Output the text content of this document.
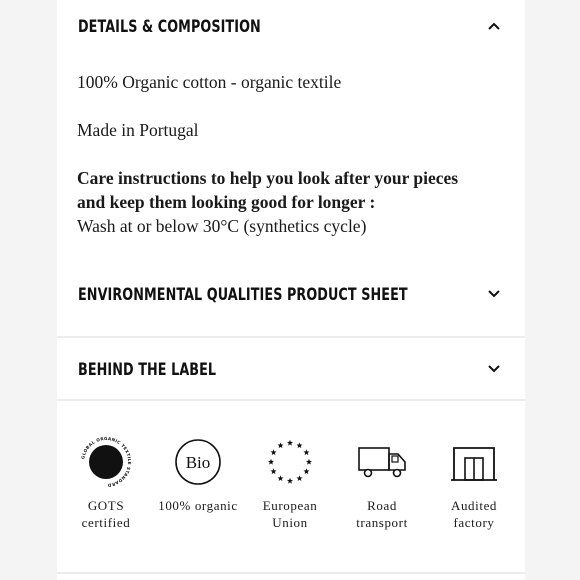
DETAILS & COMPOSITION

100% Organic cotton - organic textile

Made in Portugal

Care instructions to help you look after your pieces

and keep them looking good for longer :

Wash at or below 30°C (synthetics cycle)

ENVIRONMENTAL QUALITIES PRODUCT SHEET
BEHIND THE LABEL
GLOBAL ORGANIC TEXTILE STANDARD
GOTS
certified
Bio
100% organic	European
Union
Road
transport
Audited
factory
